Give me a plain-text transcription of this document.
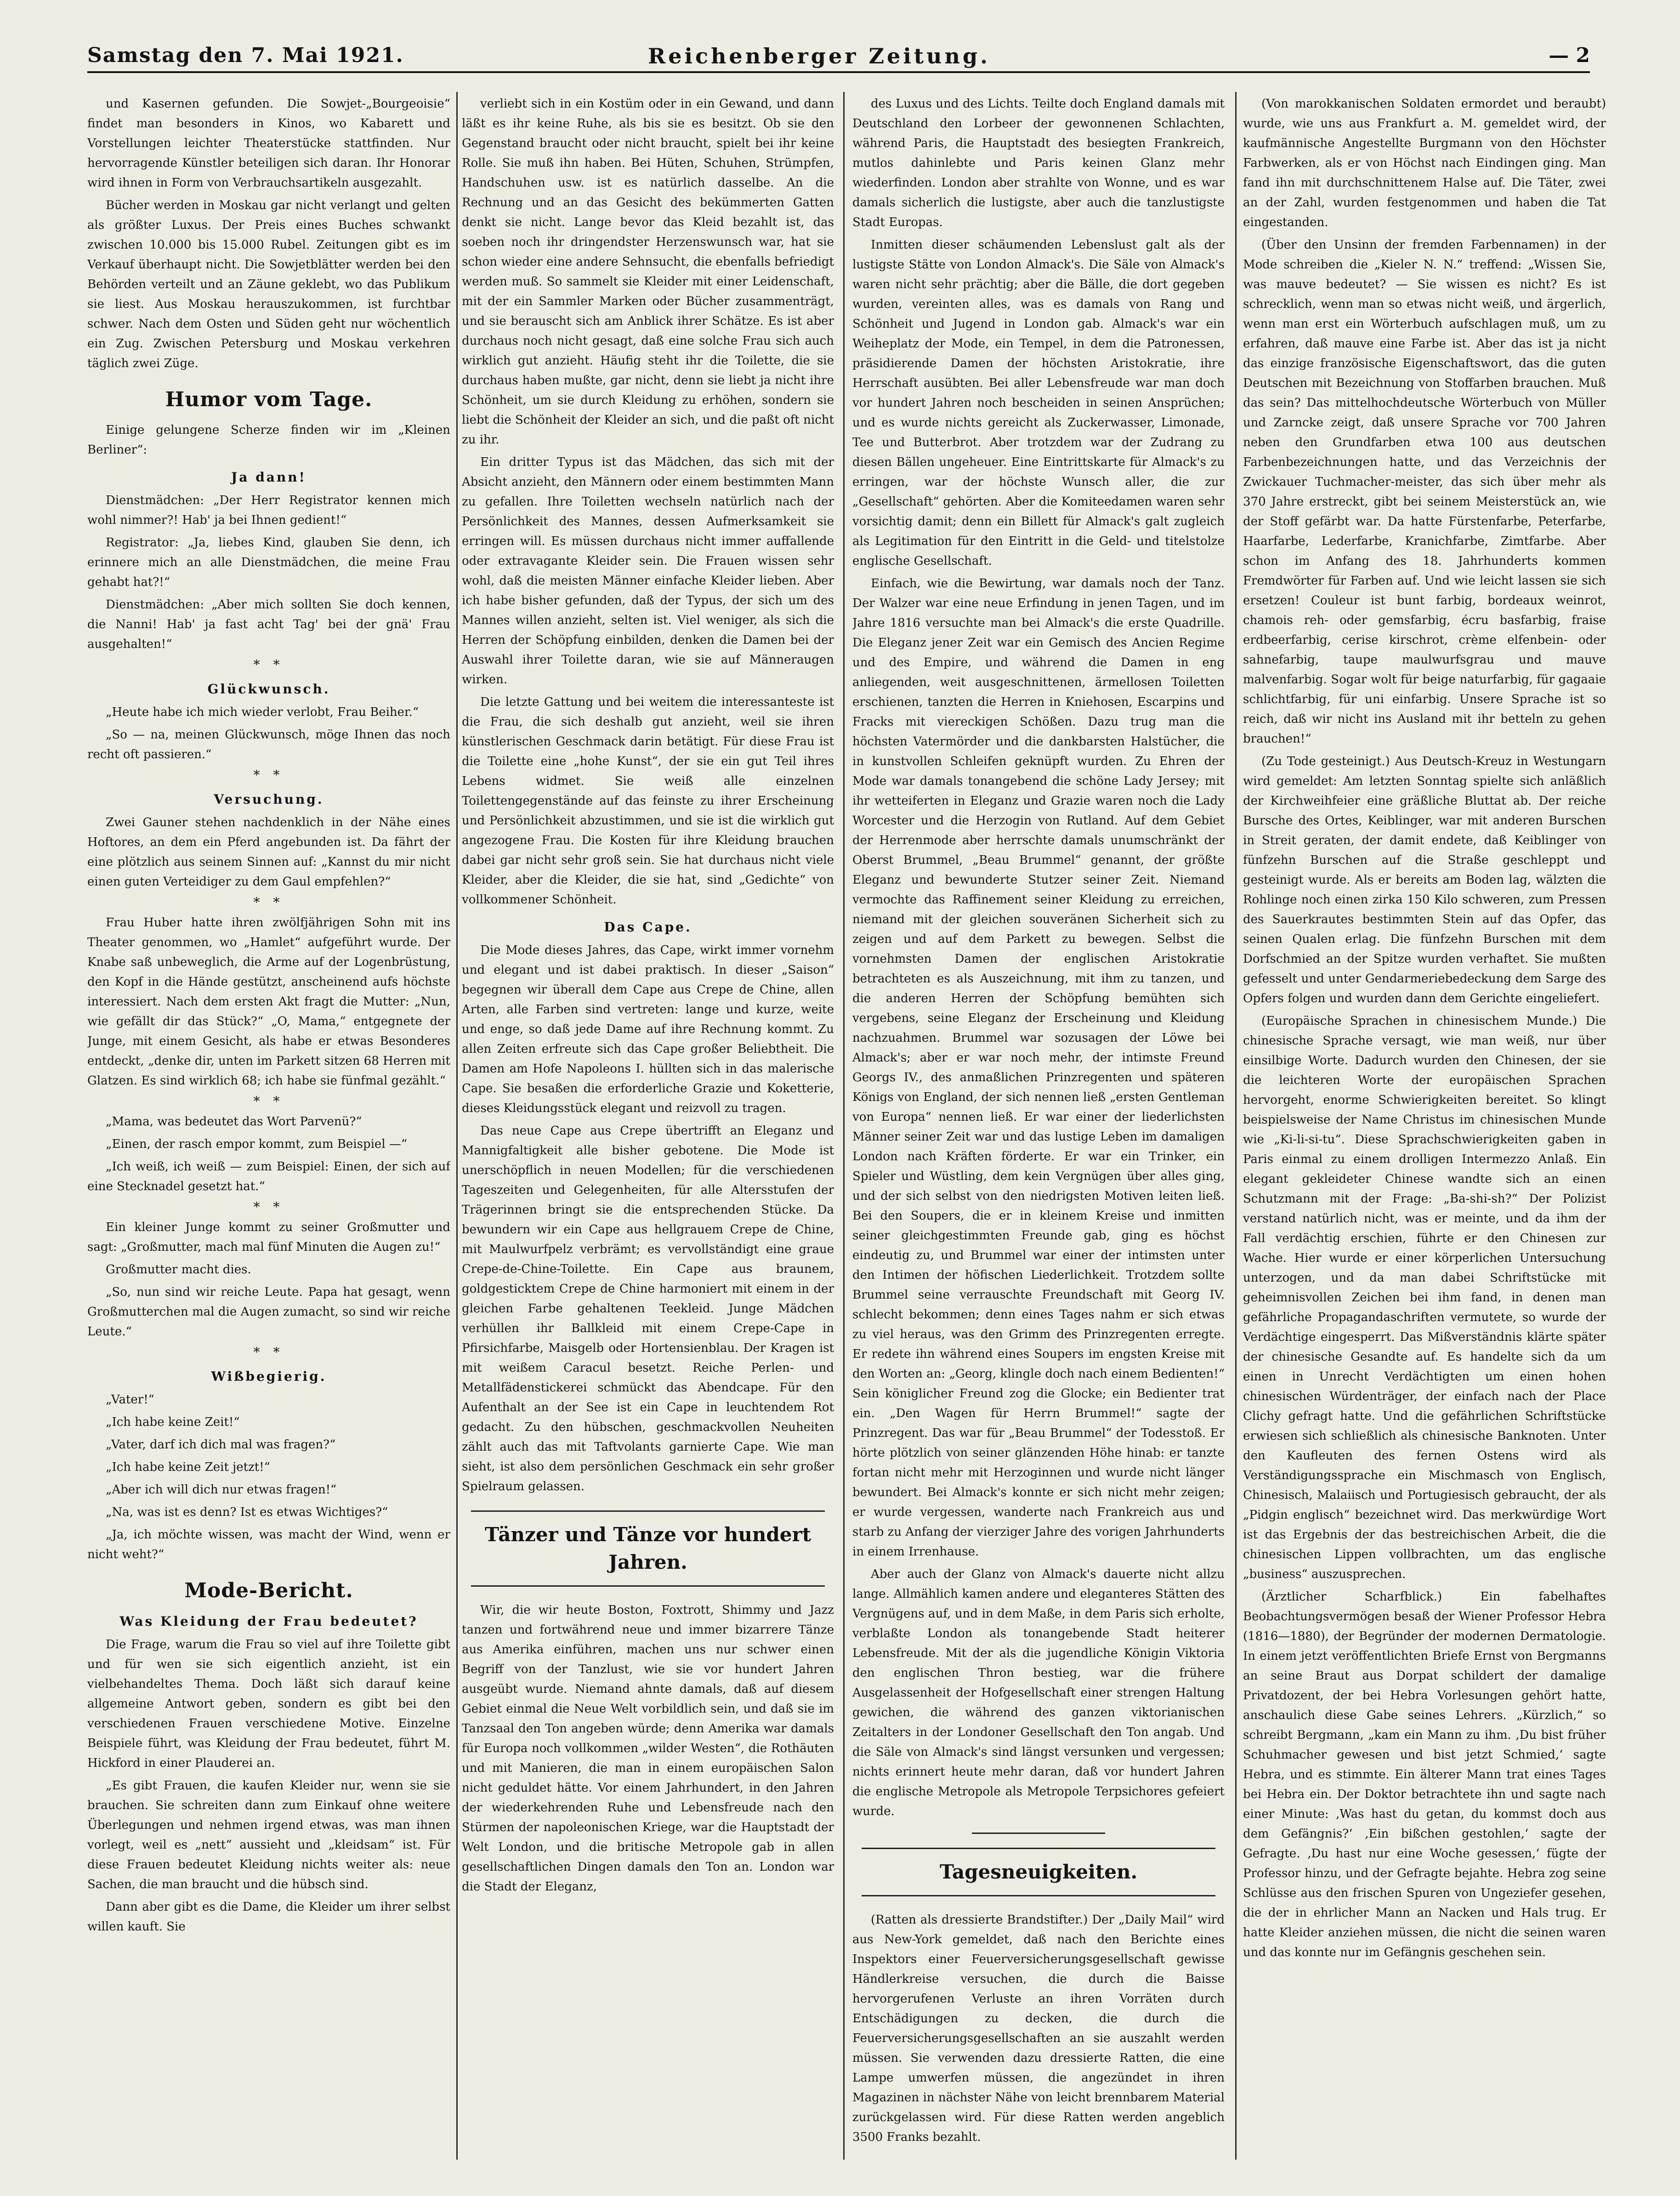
Samstag den 7. Mai 1921.	Reichenberger Zeitung.	— 2

und Kasernen gefunden. Die Sowjet-„Bourgeoisie“ findet man besonders in Kinos, wo Kabarett und Vorstellungen leichter Theaterstücke stattfinden. Nur hervorragende Künstler beteiligen sich daran. Ihr Honorar wird ihnen in Form von Verbrauchsartikeln ausgezahlt.

Bücher werden in Moskau gar nicht verlangt und gelten als größter Luxus. Der Preis eines Buches schwankt zwischen 10.000 bis 15.000 Rubel. Zeitungen gibt es im Verkauf überhaupt nicht. Die Sowjetblätter werden bei den Behörden verteilt und an Zäune geklebt, wo das Publikum sie liest. Aus Moskau herauszukommen, ist furchtbar schwer. Nach dem Osten und Süden geht nur wöchentlich ein Zug. Zwischen Petersburg und Moskau verkehren täglich zwei Züge.

Humor vom Tage.

Einige gelungene Scherze finden wir im „Kleinen Berliner“:

Ja dann!

Dienstmädchen: „Der Herr Registrator kennen mich wohl nimmer?! Hab' ja bei Ihnen gedient!“

Registrator: „Ja, liebes Kind, glauben Sie denn, ich erinnere mich an alle Dienstmädchen, die meine Frau gehabt hat?!“

Dienstmädchen: „Aber mich sollten Sie doch kennen, die Nanni! Hab' ja fast acht Tag' bei der gnä' Frau ausgehalten!“

* *
Glückwunsch.

„Heute habe ich mich wieder verlobt, Frau Beiher.“

„So — na, meinen Glückwunsch, möge Ihnen das noch recht oft passieren.“

* *
Versuchung.

Zwei Gauner stehen nachdenklich in der Nähe eines Hoftores, an dem ein Pferd angebunden ist. Da fährt der eine plötzlich aus seinem Sinnen auf: „Kannst du mir nicht einen guten Verteidiger zu dem Gaul empfehlen?“

* *

Frau Huber hatte ihren zwölfjährigen Sohn mit ins Theater genommen, wo „Hamlet“ aufgeführt wurde. Der Knabe saß unbeweglich, die Arme auf der Logenbrüstung, den Kopf in die Hände gestützt, anscheinend aufs höchste interessiert. Nach dem ersten Akt fragt die Mutter: „Nun, wie gefällt dir das Stück?“ „O, Mama,“ entgegnete der Junge, mit einem Gesicht, als habe er etwas Besonderes entdeckt, „denke dir, unten im Parkett sitzen 68 Herren mit Glatzen. Es sind wirklich 68; ich habe sie fünfmal gezählt.“

* *

„Mama, was bedeutet das Wort Parvenü?“

„Einen, der rasch empor kommt, zum Beispiel —“

„Ich weiß, ich weiß — zum Beispiel: Einen, der sich auf eine Stecknadel gesetzt hat.“

* *

Ein kleiner Junge kommt zu seiner Großmutter und sagt: „Großmutter, mach mal fünf Minuten die Augen zu!“

Großmutter macht dies.

„So, nun sind wir reiche Leute. Papa hat gesagt, wenn Großmutterchen mal die Augen zumacht, so sind wir reiche Leute.“

* *
Wißbegierig.

„Vater!“

„Ich habe keine Zeit!“

„Vater, darf ich dich mal was fragen?“

„Ich habe keine Zeit jetzt!“

„Aber ich will dich nur etwas fragen!“

„Na, was ist es denn? Ist es etwas Wichtiges?“

„Ja, ich möchte wissen, was macht der Wind, wenn er nicht weht?“

Mode-Bericht.
Was Kleidung der Frau bedeutet?

Die Frage, warum die Frau so viel auf ihre Toilette gibt und für wen sie sich eigentlich anzieht, ist ein vielbehandeltes Thema. Doch läßt sich darauf keine allgemeine Antwort geben, sondern es gibt bei den verschiedenen Frauen verschiedene Motive. Einzelne Beispiele führt, was Kleidung der Frau bedeutet, führt M. Hickford in einer Plauderei an.

„Es gibt Frauen, die kaufen Kleider nur, wenn sie sie brauchen. Sie schreiten dann zum Einkauf ohne weitere Überlegungen und nehmen irgend etwas, was man ihnen vorlegt, weil es „nett“ aussieht und „kleidsam“ ist. Für diese Frauen bedeutet Kleidung nichts weiter als: neue Sachen, die man braucht und die hübsch sind.

Dann aber gibt es die Dame, die Kleider um ihrer selbst willen kauft. Sie

verliebt sich in ein Kostüm oder in ein Gewand, und dann läßt es ihr keine Ruhe, als bis sie es besitzt. Ob sie den Gegenstand braucht oder nicht braucht, spielt bei ihr keine Rolle. Sie muß ihn haben. Bei Hüten, Schuhen, Strümpfen, Handschuhen usw. ist es natürlich dasselbe. An die Rechnung und an das Gesicht des bekümmerten Gatten denkt sie nicht. Lange bevor das Kleid bezahlt ist, das soeben noch ihr dringendster Herzenswunsch war, hat sie schon wieder eine andere Sehnsucht, die ebenfalls befriedigt werden muß. So sammelt sie Kleider mit einer Leidenschaft, mit der ein Sammler Marken oder Bücher zusammenträgt, und sie berauscht sich am Anblick ihrer Schätze. Es ist aber durchaus noch nicht gesagt, daß eine solche Frau sich auch wirklich gut anzieht. Häufig steht ihr die Toilette, die sie durchaus haben mußte, gar nicht, denn sie liebt ja nicht ihre Schönheit, um sie durch Kleidung zu erhöhen, sondern sie liebt die Schönheit der Kleider an sich, und die paßt oft nicht zu ihr.

Ein dritter Typus ist das Mädchen, das sich mit der Absicht anzieht, den Männern oder einem bestimmten Mann zu gefallen. Ihre Toiletten wechseln natürlich nach der Persönlichkeit des Mannes, dessen Aufmerksamkeit sie erringen will. Es müssen durchaus nicht immer auffallende oder extravagante Kleider sein. Die Frauen wissen sehr wohl, daß die meisten Männer einfache Kleider lieben. Aber ich habe bisher gefunden, daß der Typus, der sich um des Mannes willen anzieht, selten ist. Viel weniger, als sich die Herren der Schöpfung einbilden, denken die Damen bei der Auswahl ihrer Toilette daran, wie sie auf Männeraugen wirken.

Die letzte Gattung und bei weitem die interessanteste ist die Frau, die sich deshalb gut anzieht, weil sie ihren künstlerischen Geschmack darin betätigt. Für diese Frau ist die Toilette eine „hohe Kunst“, der sie ein gut Teil ihres Lebens widmet. Sie weiß alle einzelnen Toilettengegenstände auf das feinste zu ihrer Erscheinung und Persönlichkeit abzustimmen, und sie ist die wirklich gut angezogene Frau. Die Kosten für ihre Kleidung brauchen dabei gar nicht sehr groß sein. Sie hat durchaus nicht viele Kleider, aber die Kleider, die sie hat, sind „Gedichte“ von vollkommener Schönheit.

Das Cape.

Die Mode dieses Jahres, das Cape, wirkt immer vornehm und elegant und ist dabei praktisch. In dieser „Saison“ begegnen wir überall dem Cape aus Crepe de Chine, allen Arten, alle Farben sind vertreten: lange und kurze, weite und enge, so daß jede Dame auf ihre Rechnung kommt. Zu allen Zeiten erfreute sich das Cape großer Beliebtheit. Die Damen am Hofe Napoleons I. hüllten sich in das malerische Cape. Sie besaßen die erforderliche Grazie und Koketterie, dieses Kleidungsstück elegant und reizvoll zu tragen.

Das neue Cape aus Crepe übertrifft an Eleganz und Mannigfaltigkeit alle bisher gebotene. Die Mode ist unerschöpflich in neuen Modellen; für die verschiedenen Tageszeiten und Gelegenheiten, für alle Altersstufen der Trägerinnen bringt sie die entsprechenden Stücke. Da bewundern wir ein Cape aus hellgrauem Crepe de Chine, mit Maulwurfpelz verbrämt; es vervollständigt eine graue Crepe-de-Chine-Toilette. Ein Cape aus braunem, goldgesticktem Crepe de Chine harmoniert mit einem in der gleichen Farbe gehaltenen Teekleid. Junge Mädchen verhüllen ihr Ballkleid mit einem Crepe-Cape in Pfirsichfarbe, Maisgelb oder Hortensienblau. Der Kragen ist mit weißem Caracul besetzt. Reiche Perlen- und Metallfädenstickerei schmückt das Abendcape. Für den Aufenthalt an der See ist ein Cape in leuchtendem Rot gedacht. Zu den hübschen, geschmackvollen Neuheiten zählt auch das mit Taftvolants garnierte Cape. Wie man sieht, ist also dem persönlichen Geschmack ein sehr großer Spielraum gelassen.

Tänzer und Tänze vor hundert Jahren.

Wir, die wir heute Boston, Foxtrott, Shimmy und Jazz tanzen und fortwährend neue und immer bizarrere Tänze aus Amerika einführen, machen uns nur schwer einen Begriff von der Tanzlust, wie sie vor hundert Jahren ausgeübt wurde. Niemand ahnte damals, daß auf diesem Gebiet einmal die Neue Welt vorbildlich sein, und daß sie im Tanzsaal den Ton angeben würde; denn Amerika war damals für Europa noch vollkommen „wilder Westen“, die Rothäuten und mit Manieren, die man in einem europäischen Salon nicht geduldet hätte. Vor einem Jahrhundert, in den Jahren der wiederkehrenden Ruhe und Lebensfreude nach den Stürmen der napoleonischen Kriege, war die Hauptstadt der Welt London, und die britische Metropole gab in allen gesellschaftlichen Dingen damals den Ton an. London war die Stadt der Eleganz,

des Luxus und des Lichts. Teilte doch England damals mit Deutschland den Lorbeer der gewonnenen Schlachten, während Paris, die Hauptstadt des besiegten Frankreich, mutlos dahinlebte und Paris keinen Glanz mehr wiederfinden. London aber strahlte von Wonne, und es war damals sicherlich die lustigste, aber auch die tanzlustigste Stadt Europas.

Inmitten dieser schäumenden Lebenslust galt als der lustigste Stätte von London Almack's. Die Säle von Almack's waren nicht sehr prächtig; aber die Bälle, die dort gegeben wurden, vereinten alles, was es damals von Rang und Schönheit und Jugend in London gab. Almack's war ein Weiheplatz der Mode, ein Tempel, in dem die Patronessen, präsidierende Damen der höchsten Aristokratie, ihre Herrschaft ausübten. Bei aller Lebensfreude war man doch vor hundert Jahren noch bescheiden in seinen Ansprüchen; und es wurde nichts gereicht als Zuckerwasser, Limonade, Tee und Butterbrot. Aber trotzdem war der Zudrang zu diesen Bällen ungeheuer. Eine Eintrittskarte für Almack's zu erringen, war der höchste Wunsch aller, die zur „Gesellschaft“ gehörten. Aber die Komiteedamen waren sehr vorsichtig damit; denn ein Billett für Almack's galt zugleich als Legitimation für den Eintritt in die Geld- und titelstolze englische Gesellschaft.

Einfach, wie die Bewirtung, war damals noch der Tanz. Der Walzer war eine neue Erfindung in jenen Tagen, und im Jahre 1816 versuchte man bei Almack's die erste Quadrille. Die Eleganz jener Zeit war ein Gemisch des Ancien Regime und des Empire, und während die Damen in eng anliegenden, weit ausgeschnittenen, ärmellosen Toiletten erschienen, tanzten die Herren in Kniehosen, Escarpins und Fracks mit viereckigen Schößen. Dazu trug man die höchsten Vatermörder und die dankbarsten Halstücher, die in kunstvollen Schleifen geknüpft wurden. Zu Ehren der Mode war damals tonangebend die schöne Lady Jersey; mit ihr wetteiferten in Eleganz und Grazie waren noch die Lady Worcester und die Herzogin von Rutland. Auf dem Gebiet der Herrenmode aber herrschte damals unumschränkt der Oberst Brummel, „Beau Brummel“ genannt, der größte Eleganz und bewunderte Stutzer seiner Zeit. Niemand vermochte das Raffinement seiner Kleidung zu erreichen, niemand mit der gleichen souveränen Sicherheit sich zu zeigen und auf dem Parkett zu bewegen. Selbst die vornehmsten Damen der englischen Aristokratie betrachteten es als Auszeichnung, mit ihm zu tanzen, und die anderen Herren der Schöpfung bemühten sich vergebens, seine Eleganz der Erscheinung und Kleidung nachzuahmen. Brummel war sozusagen der Löwe bei Almack's; aber er war noch mehr, der intimste Freund Georgs IV., des anmaßlichen Prinzregenten und späteren Königs von England, der sich nennen ließ „ersten Gentleman von Europa“ nennen ließ. Er war einer der liederlichsten Männer seiner Zeit war und das lustige Leben im damaligen London nach Kräften förderte. Er war ein Trinker, ein Spieler und Wüstling, dem kein Vergnügen über alles ging, und der sich selbst von den niedrigsten Motiven leiten ließ. Bei den Soupers, die er in kleinem Kreise und inmitten seiner gleichgestimmten Freunde gab, ging es höchst eindeutig zu, und Brummel war einer der intimsten unter den Intimen der höfischen Liederlichkeit. Trotzdem sollte Brummel seine verrauschte Freundschaft mit Georg IV. schlecht bekommen; denn eines Tages nahm er sich etwas zu viel heraus, was den Grimm des Prinzregenten erregte. Er redete ihn während eines Soupers im engsten Kreise mit den Worten an: „Georg, klingle doch nach einem Bedienten!“ Sein königlicher Freund zog die Glocke; ein Bedienter trat ein. „Den Wagen für Herrn Brummel!“ sagte der Prinzregent. Das war für „Beau Brummel“ der Todesstoß. Er hörte plötzlich von seiner glänzenden Höhe hinab: er tanzte fortan nicht mehr mit Herzoginnen und wurde nicht länger bewundert. Bei Almack's konnte er sich nicht mehr zeigen; er wurde vergessen, wanderte nach Frankreich aus und starb zu Anfang der vierziger Jahre des vorigen Jahrhunderts in einem Irrenhause.

Aber auch der Glanz von Almack's dauerte nicht allzu lange. Allmählich kamen andere und eleganteres Stätten des Vergnügens auf, und in dem Maße, in dem Paris sich erholte, verblaßte London als tonangebende Stadt heiterer Lebensfreude. Mit der als die jugendliche Königin Viktoria den englischen Thron bestieg, war die frühere Ausgelassenheit der Hofgesellschaft einer strengen Haltung gewichen, die während des ganzen viktorianischen Zeitalters in der Londoner Gesellschaft den Ton angab. Und die Säle von Almack's sind längst versunken und vergessen; nichts erinnert heute mehr daran, daß vor hundert Jahren die englische Metropole als Metropole Terpsichores gefeiert wurde.

Tagesneuigkeiten.

(Ratten als dressierte Brandstifter.) Der „Daily Mail“ wird aus New-York gemeldet, daß nach den Berichte eines Inspektors einer Feuerversicherungsgesellschaft gewisse Händlerkreise versuchen, die durch die Baisse hervorgerufenen Verluste an ihren Vorräten durch Entschädigungen zu decken, die durch die Feuerversicherungsgesellschaften an sie auszahlt werden müssen. Sie verwenden dazu dressierte Ratten, die eine Lampe umwerfen müssen, die angezündet in ihren Magazinen in nächster Nähe von leicht brennbarem Material zurückgelassen wird. Für diese Ratten werden angeblich 3500 Franks bezahlt.

(Von marokkanischen Soldaten ermordet und beraubt) wurde, wie uns aus Frankfurt a. M. gemeldet wird, der kaufmännische Angestellte Burgmann von den Höchster Farbwerken, als er von Höchst nach Eindingen ging. Man fand ihn mit durchschnittenem Halse auf. Die Täter, zwei an der Zahl, wurden festgenommen und haben die Tat eingestanden.

(Über den Unsinn der fremden Farbennamen) in der Mode schreiben die „Kieler N. N.“ treffend: „Wissen Sie, was mauve bedeutet? — Sie wissen es nicht? Es ist schrecklich, wenn man so etwas nicht weiß, und ärgerlich, wenn man erst ein Wörterbuch aufschlagen muß, um zu erfahren, daß mauve eine Farbe ist. Aber das ist ja nicht das einzige französische Eigenschaftswort, das die guten Deutschen mit Bezeichnung von Stoffarben brauchen. Muß das sein? Das mittelhochdeutsche Wörterbuch von Müller und Zarncke zeigt, daß unsere Sprache vor 700 Jahren neben den Grundfarben etwa 100 aus deutschen Farbenbezeichnungen hatte, und das Verzeichnis der Zwickauer Tuchmacher-meister, das sich über mehr als 370 Jahre erstreckt, gibt bei seinem Meisterstück an, wie der Stoff gefärbt war. Da hatte Fürstenfarbe, Peterfarbe, Haarfarbe, Lederfarbe, Kranichfarbe, Zimtfarbe. Aber schon im Anfang des 18. Jahrhunderts kommen Fremdwörter für Farben auf. Und wie leicht lassen sie sich ersetzen! Couleur ist bunt farbig, bordeaux weinrot, chamois reh- oder gemsfarbig, écru basfarbig, fraise erdbeerfarbig, cerise kirschrot, crème elfenbein- oder sahnefarbig, taupe maulwurfsgrau und mauve malvenfarbig. Sogar wolt für beige naturfarbig, für gagaaie schlichtfarbig, für uni einfarbig. Unsere Sprache ist so reich, daß wir nicht ins Ausland mit ihr betteln zu gehen brauchen!“

(Zu Tode gesteinigt.) Aus Deutsch-Kreuz in Westungarn wird gemeldet: Am letzten Sonntag spielte sich anläßlich der Kirchweihfeier eine gräßliche Bluttat ab. Der reiche Bursche des Ortes, Keiblinger, war mit anderen Burschen in Streit geraten, der damit endete, daß Keiblinger von fünfzehn Burschen auf die Straße geschleppt und gesteinigt wurde. Als er bereits am Boden lag, wälzten die Rohlinge noch einen zirka 150 Kilo schweren, zum Pressen des Sauerkrautes bestimmten Stein auf das Opfer, das seinen Qualen erlag. Die fünfzehn Burschen mit dem Dorfschmied an der Spitze wurden verhaftet. Sie mußten gefesselt und unter Gendarmeriebedeckung dem Sarge des Opfers folgen und wurden dann dem Gerichte eingeliefert.

(Europäische Sprachen in chinesischem Munde.) Die chinesische Sprache versagt, wie man weiß, nur über einsilbige Worte. Dadurch wurden den Chinesen, der sie die leichteren Worte der europäischen Sprachen hervorgeht, enorme Schwierigkeiten bereitet. So klingt beispielsweise der Name Christus im chinesischen Munde wie „Ki-li-si-tu“. Diese Sprachschwierigkeiten gaben in Paris einmal zu einem drolligen Intermezzo Anlaß. Ein elegant gekleideter Chinese wandte sich an einen Schutzmann mit der Frage: „Ba-shi-sh?“ Der Polizist verstand natürlich nicht, was er meinte, und da ihm der Fall verdächtig erschien, führte er den Chinesen zur Wache. Hier wurde er einer körperlichen Untersuchung unterzogen, und da man dabei Schriftstücke mit geheimnisvollen Zeichen bei ihm fand, in denen man gefährliche Propagandaschriften vermutete, so wurde der Verdächtige eingesperrt. Das Mißverständnis klärte später der chinesische Gesandte auf. Es handelte sich da um einen in Unrecht Verdächtigten um einen hohen chinesischen Würdenträger, der einfach nach der Place Clichy gefragt hatte. Und die gefährlichen Schriftstücke erwiesen sich schließlich als chinesische Banknoten. Unter den Kaufleuten des fernen Ostens wird als Verständigungssprache ein Mischmasch von Englisch, Chinesisch, Malaiisch und Portugiesisch gebraucht, der als „Pidgin englisch“ bezeichnet wird. Das merkwürdige Wort ist das Ergebnis der das bestreichischen Arbeit, die die chinesischen Lippen vollbrachten, um das englische „business“ auszusprechen.

(Ärztlicher Scharfblick.) Ein fabelhaftes Beobachtungsvermögen besaß der Wiener Professor Hebra (1816—1880), der Begründer der modernen Dermatologie. In einem jetzt veröffentlichten Briefe Ernst von Bergmanns an seine Braut aus Dorpat schildert der damalige Privatdozent, der bei Hebra Vorlesungen gehört hatte, anschaulich diese Gabe seines Lehrers. „Kürzlich,“ so schreibt Bergmann, „kam ein Mann zu ihm. ‚Du bist früher Schuhmacher gewesen und bist jetzt Schmied,‘ sagte Hebra, und es stimmte. Ein älterer Mann trat eines Tages bei Hebra ein. Der Doktor betrachtete ihn und sagte nach einer Minute: ‚Was hast du getan, du kommst doch aus dem Gefängnis?‘ ‚Ein bißchen gestohlen,‘ sagte der Gefragte. ‚Du hast nur eine Woche gesessen,‘ fügte der Professor hinzu, und der Gefragte bejahte. Hebra zog seine Schlüsse aus den frischen Spuren von Ungeziefer gesehen, die der in ehrlicher Mann an Nacken und Hals trug. Er hatte Kleider anziehen müssen, die nicht die seinen waren und das konnte nur im Gefängnis geschehen sein.
